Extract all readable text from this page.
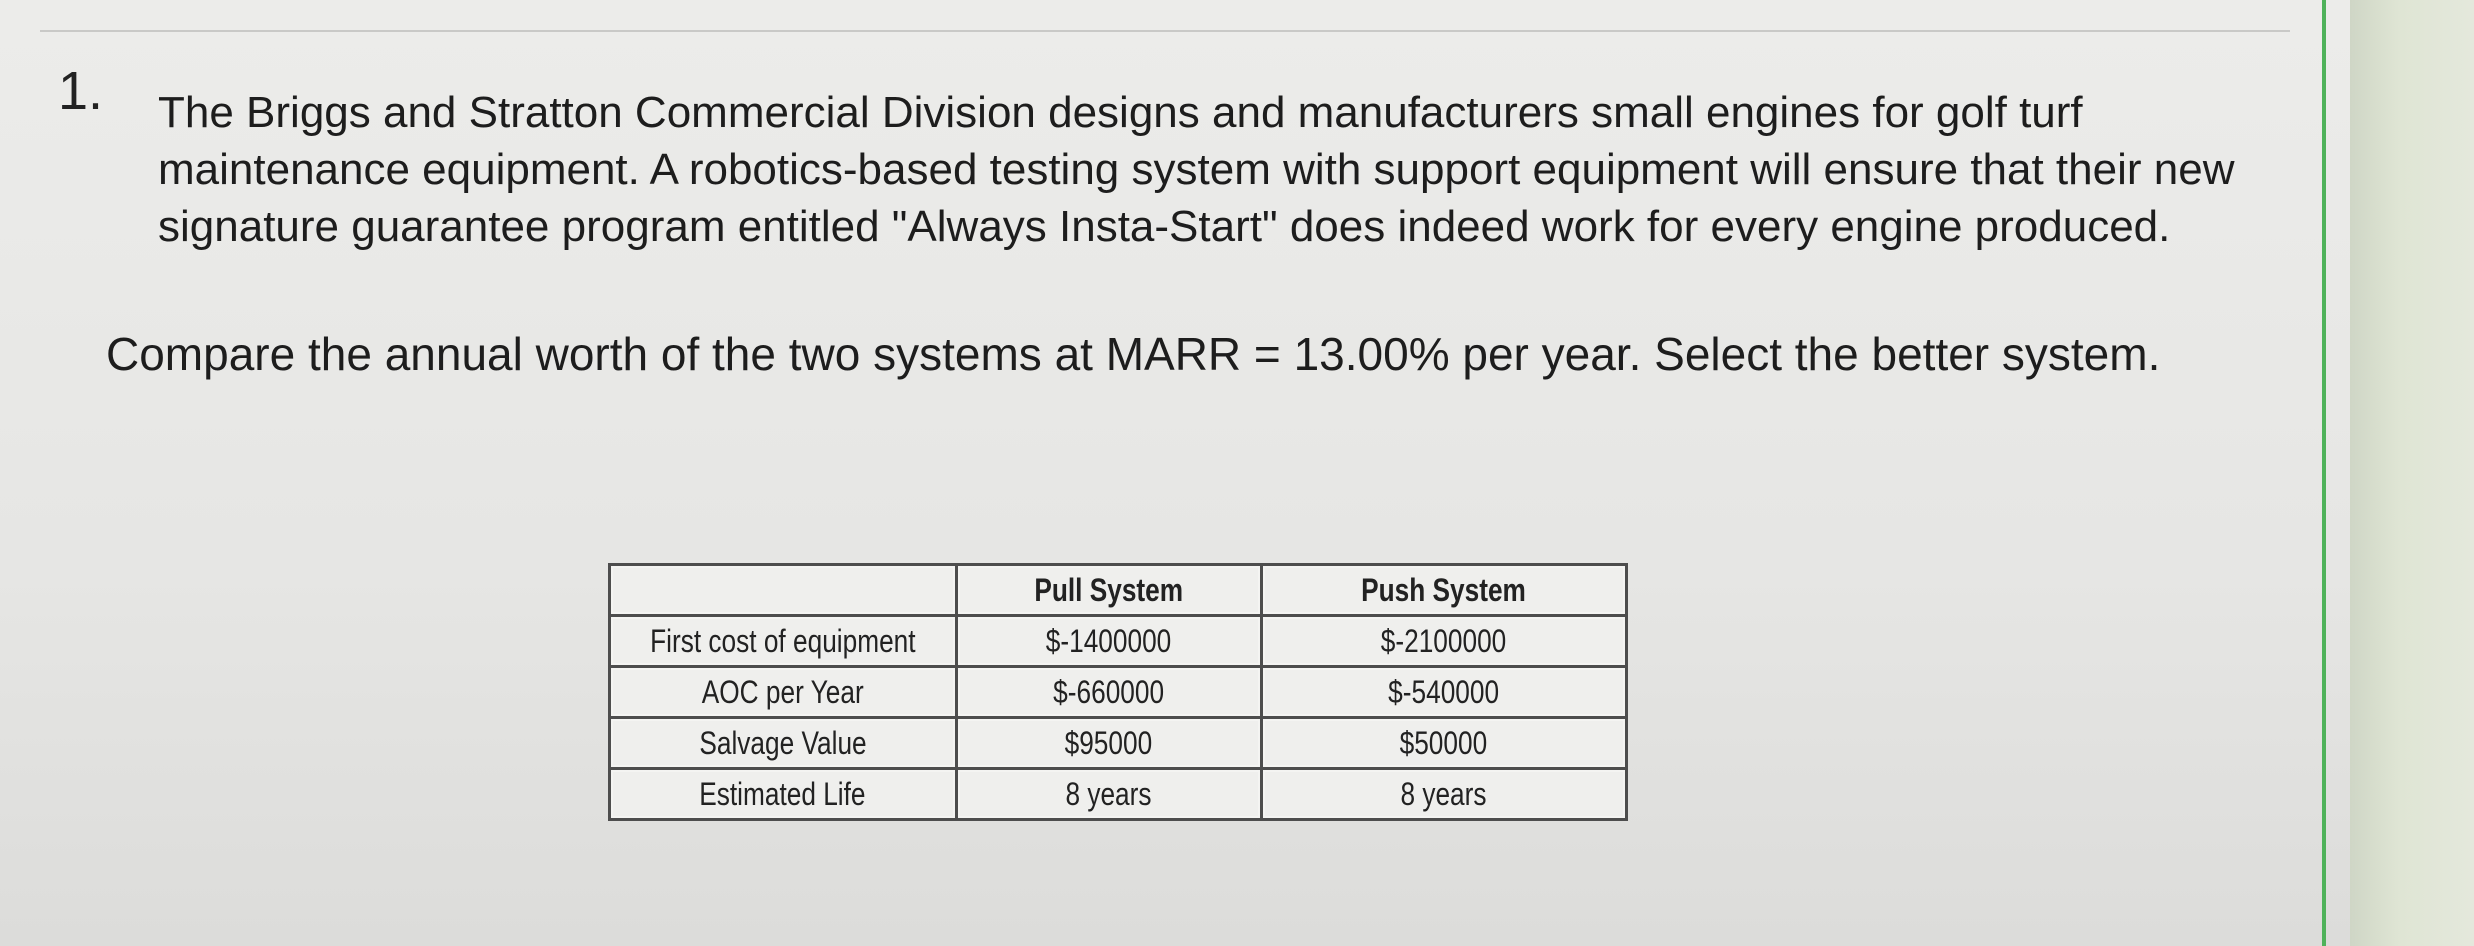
1. The Briggs and Stratton Commercial Division designs and manufacturers small engines for golf turf maintenance equipment. A robotics-based testing system with support equipment will ensure that their new signature guarantee program entitled "Always Insta-Start" does indeed work for every engine produced.

Compare the annual worth of the two systems at MARR = 13.00% per year. Select the better system.

	Pull System	Push System
First cost of equipment	$-1400000	$-2100000
AOC per Year	$-660000	$-540000
Salvage Value	$95000	$50000
Estimated Life	8 years	8 years
